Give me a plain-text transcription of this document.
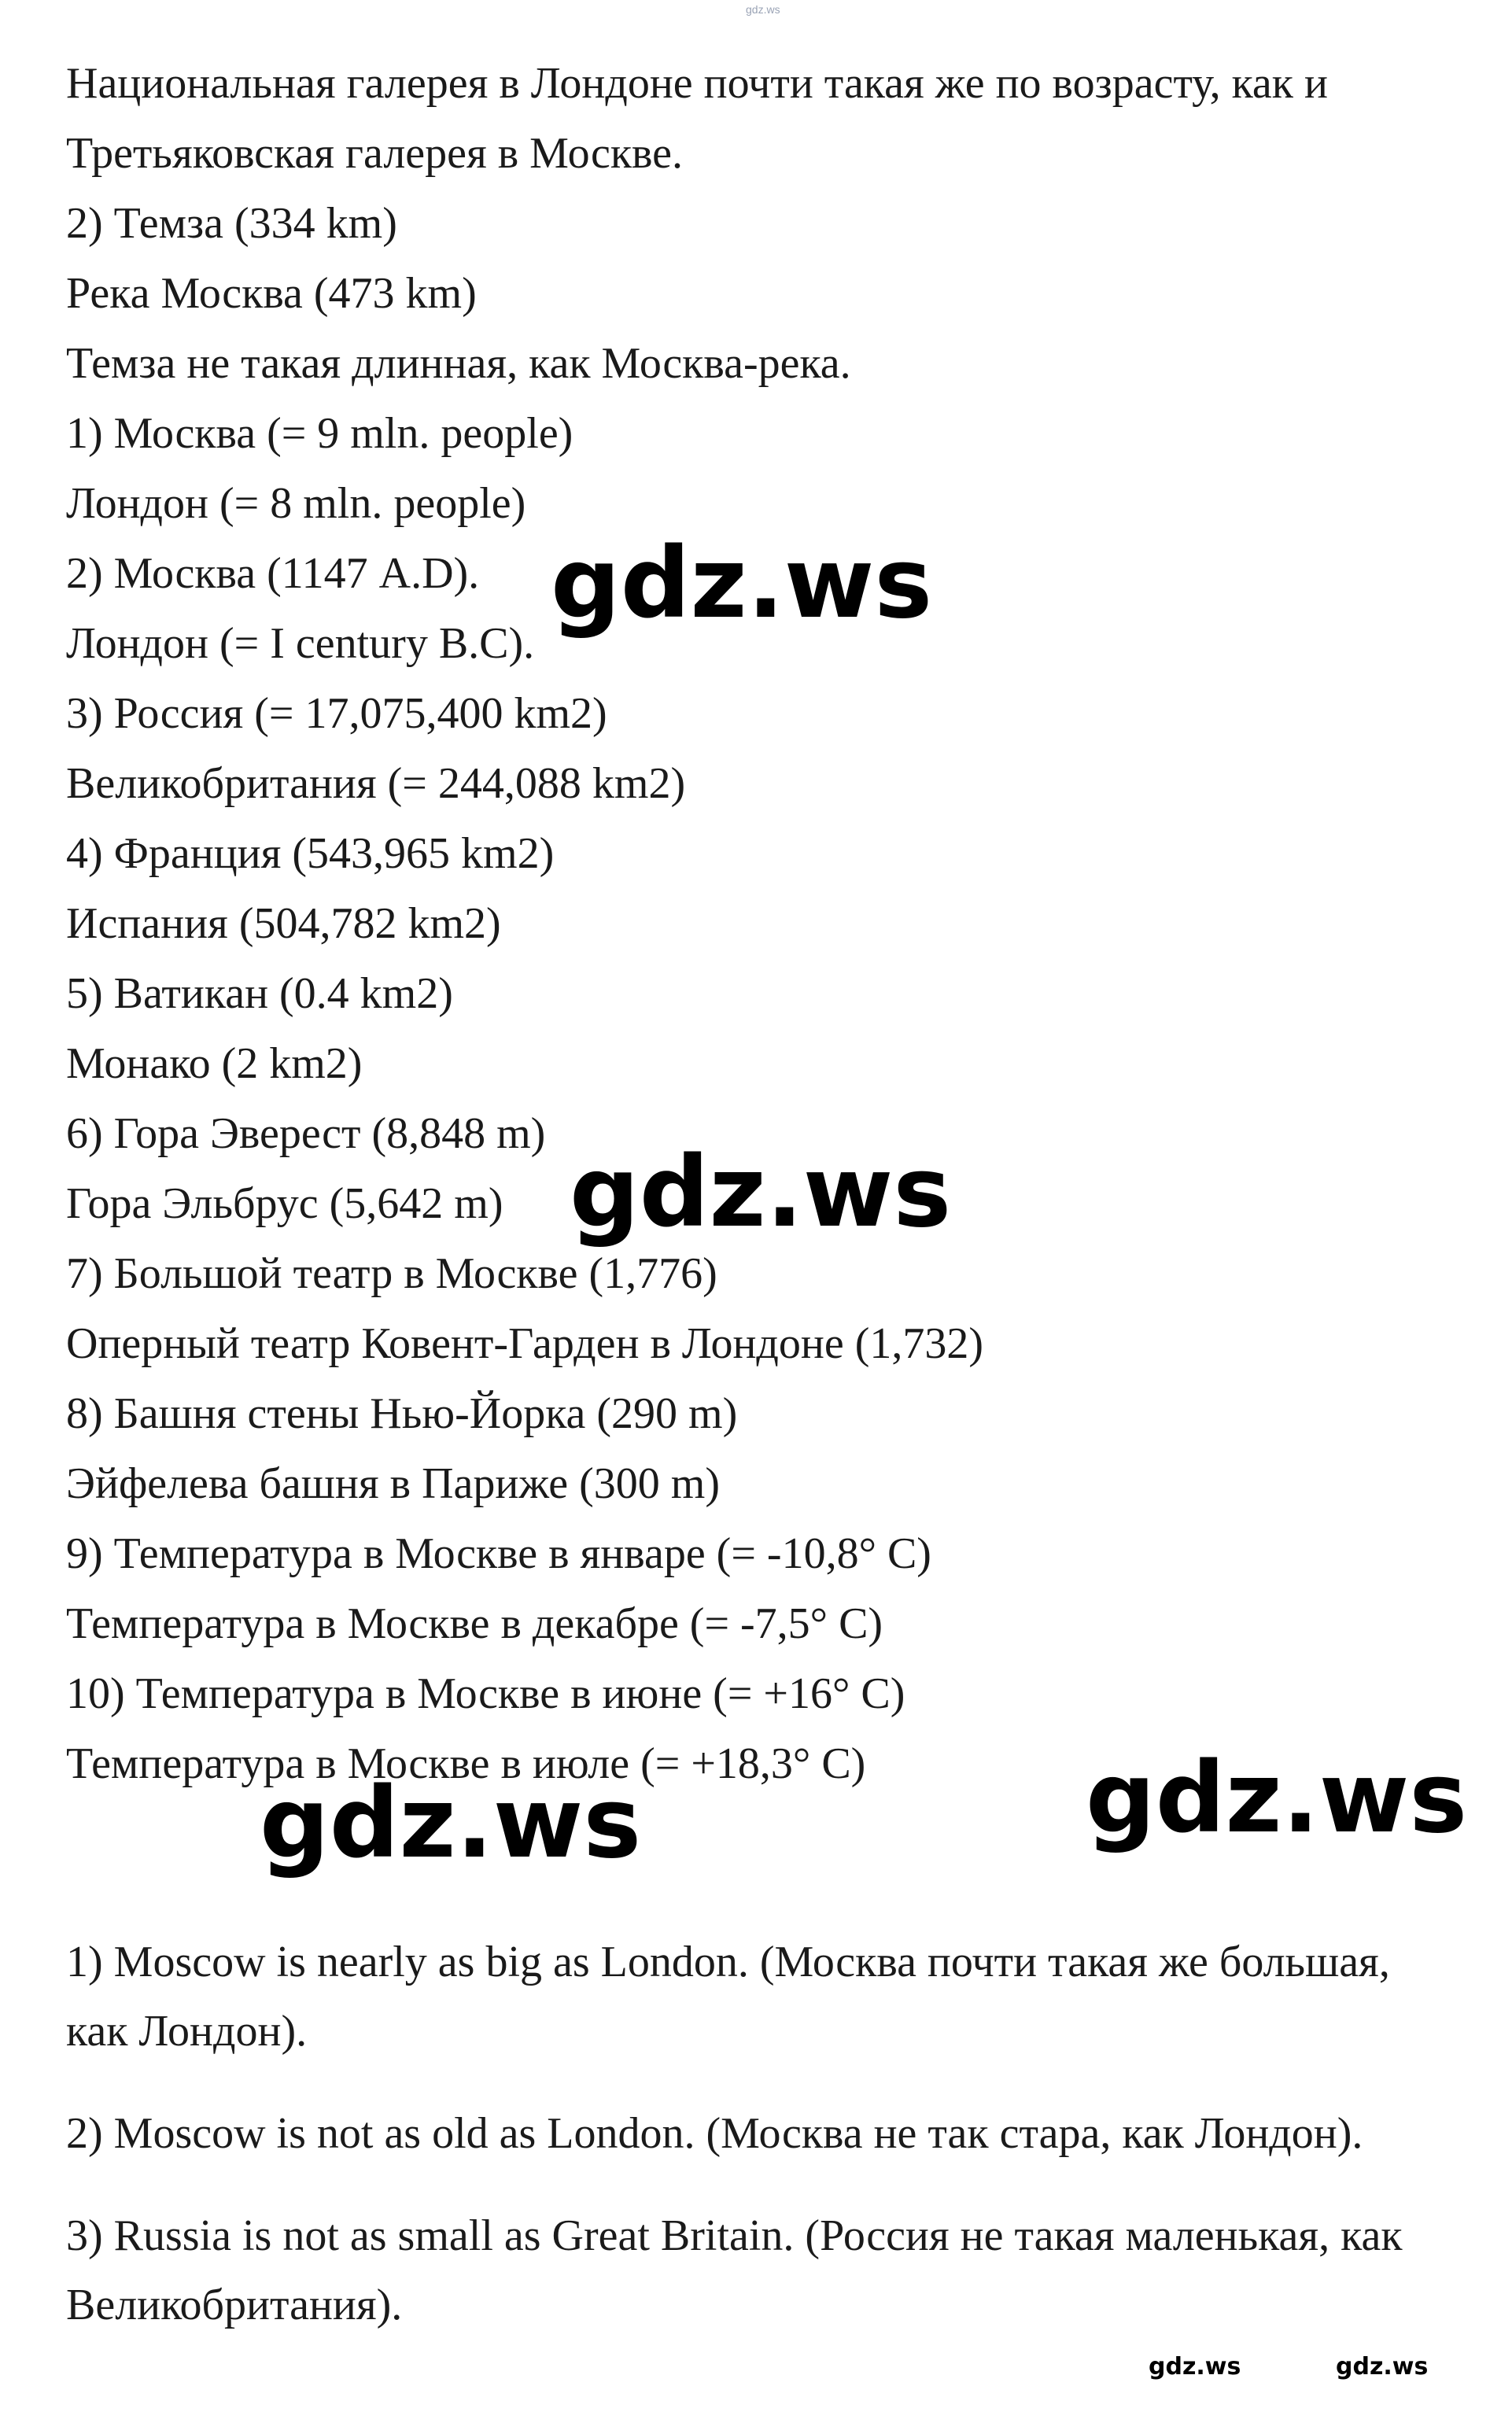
gdz.ws
Национальная галерея в Лондоне почти такая же по возрасту, как и
Третьяковская галерея в Москве.
2) Темза (334 km)
Река Москва (473 km)
Темза не такая длинная, как Москва-река.
1) Москва (= 9 mln. people)
Лондон (= 8 mln. people)
2) Москва (1147 A.D).
Лондон (= I century B.C).
3) Россия (= 17,075,400 km2)
Великобритания (= 244,088 km2)
4) Франция (543,965 km2)
Испания (504,782 km2)
5) Ватикан (0.4 km2)
Монако (2 km2)
6) Гора Эверест (8,848 m)
Гора Эльбрус (5,642 m)
7) Большой театр в Москве (1,776)
Оперный театр Ковент-Гарден в Лондоне (1,732)
8) Башня стены Нью-Йорка (290 m)
Эйфелева башня в Париже (300 m)
9) Температура в Москве в январе (= -10,8° C)
Температура в Москве в декабре (= -7,5° C)
10) Температура в Москве в июне (= +16° C)
Температура в Москве в июле (= +18,3° C)

1) Moscow is nearly as big as London. (Москва почти такая же большая, как Лондон).

2) Moscow is not as old as London. (Москва не так стара, как Лондон).

3) Russia is not as small as Great Britain. (Россия не такая маленькая, как Великобритания).

gdz.ws
gdz.ws
gdz.ws	gdz.ws
gdz.ws	gdz.ws
